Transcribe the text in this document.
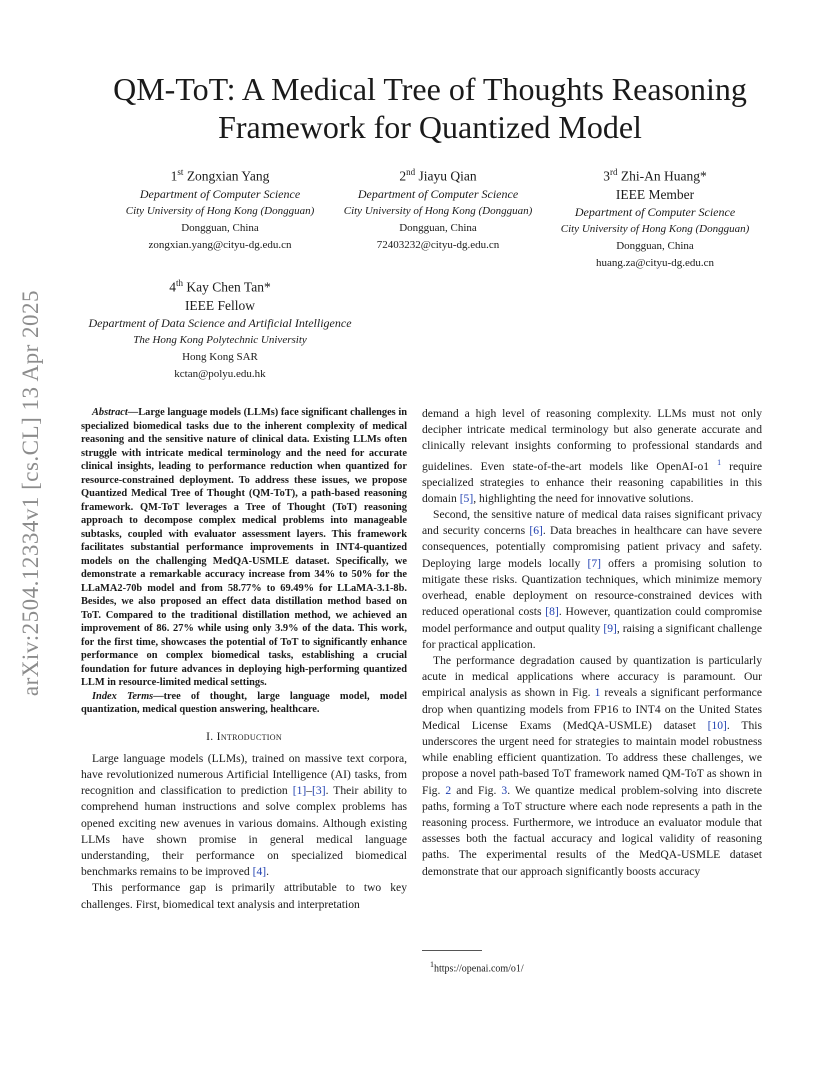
arXiv:2504.12334v1 [cs.CL] 13 Apr 2025
QM-ToT: A Medical Tree of Thoughts Reasoning Framework for Quantized Model
1st Zongxian Yang
Department of Computer Science
City University of Hong Kong (Dongguan)
Dongguan, China
zongxian.yang@cityu-dg.edu.cn
2nd Jiayu Qian
Department of Computer Science
City University of Hong Kong (Dongguan)
Dongguan, China
72403232@cityu-dg.edu.cn
3rd Zhi-An Huang*
IEEE Member
Department of Computer Science
City University of Hong Kong (Dongguan)
Dongguan, China
huang.za@cityu-dg.edu.cn
4th Kay Chen Tan*
IEEE Fellow
Department of Data Science and Artificial Intelligence
The Hong Kong Polytechnic University
Hong Kong SAR
kctan@polyu.edu.hk

Abstract—Large language models (LLMs) face significant challenges in specialized biomedical tasks due to the inherent complexity of medical reasoning and the sensitive nature of clinical data. Existing LLMs often struggle with intricate medical terminology and the need for accurate clinical insights, leading to performance reduction when quantized for resource-constrained deployment. To address these issues, we propose Quantized Medical Tree of Thought (QM-ToT), a path-based reasoning framework. QM-ToT leverages a Tree of Thought (ToT) reasoning approach to decompose complex medical problems into manageable subtasks, coupled with evaluator assessment layers. This framework facilitates substantial performance improvements in INT4-quantized models on the challenging MedQA-USMLE dataset. Specifically, we demonstrate a remarkable accuracy increase from 34% to 50% for the LLaMA2-70b model and from 58.77% to 69.49% for LLaMA-3.1-8b. Besides, we also proposed an effect data distillation method based on ToT. Compared to the traditional distillation method, we achieved an improvement of 86. 27% while using only 3.9% of the data. This work, for the first time, showcases the potential of ToT to significantly enhance performance on complex biomedical tasks, establishing a crucial foundation for future advances in deploying high-performing quantized LLM in resource-limited medical settings.

Index Terms—tree of thought, large language model, model quantization, medical question answering, healthcare.

I. Introduction

Large language models (LLMs), trained on massive text corpora, have revolutionized numerous Artificial Intelligence (AI) tasks, from recognition and classification to prediction [1]–[3]. Their ability to comprehend human instructions and solve complex problems has opened exciting new avenues in various domains. Although existing LLMs have shown promise in general medical language understanding, their performance on specialized biomedical benchmarks remains to be improved [4].

This performance gap is primarily attributable to two key challenges. First, biomedical text analysis and interpretation

demand a high level of reasoning complexity. LLMs must not only decipher intricate medical terminology but also generate accurate and clinically relevant insights conforming to professional standards and guidelines. Even state-of-the-art models like OpenAI-o1 $^1$ require specialized strategies to enhance their reasoning capabilities in this domain [5], highlighting the need for innovative solutions.

Second, the sensitive nature of medical data raises significant privacy and security concerns [6]. Data breaches in healthcare can have severe consequences, potentially compromising patient privacy and safety. Deploying large models locally [7] offers a promising solution to mitigate these risks. Quantization techniques, which minimize memory overhead, enable deployment on resource-constrained devices with reduced operational costs [8]. However, quantization could compromise model performance and output quality [9], raising a significant challenge for practical application.

The performance degradation caused by quantization is particularly acute in medical applications where accuracy is paramount. Our empirical analysis as shown in Fig. 1 reveals a significant performance drop when quantizing models from FP16 to INT4 on the United States Medical License Exams (MedQA-USMLE) dataset [10]. This underscores the urgent need for strategies to maintain model robustness while enabling efficient quantization. To address these challenges, we propose a novel path-based ToT framework named QM-ToT as shown in Fig. 2 and Fig. 3. We quantize medical problem-solving into discrete paths, forming a ToT structure where each node represents a path in the reasoning process. Furthermore, we introduce an evaluator module that assesses both the factual accuracy and logical validity of reasoning paths. The experimental results of the MedQA-USMLE dataset demonstrate that our approach significantly boosts accuracy

$^1$https://openai.com/o1/
